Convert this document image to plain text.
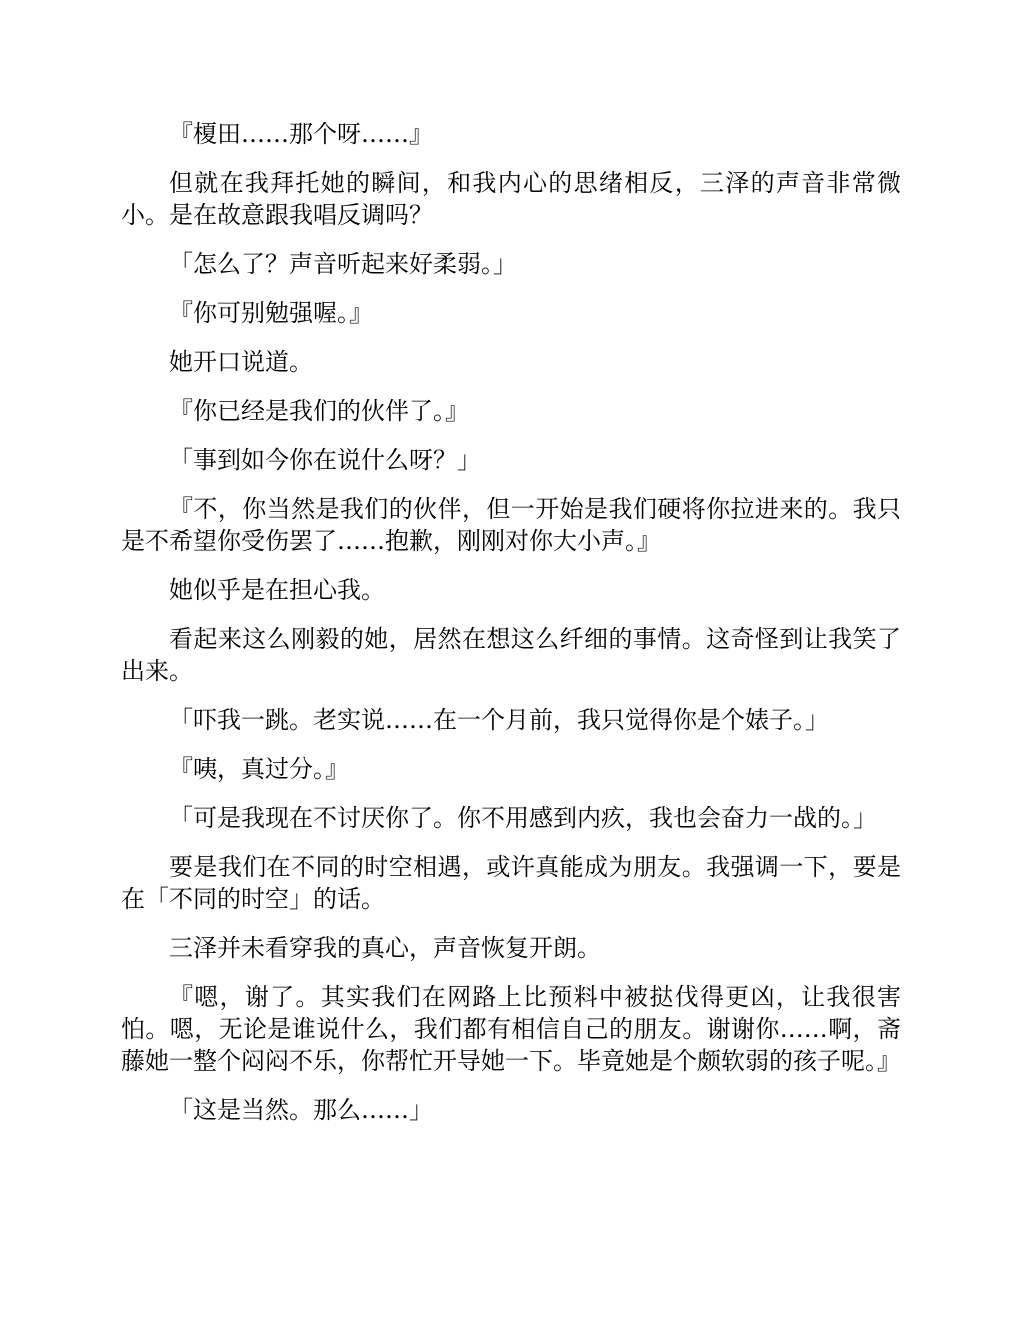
『榎田……那个呀……』

但就在我拜托她的瞬间，和我内心的思绪相反，三泽的声音非常微小。是在故意跟我唱反调吗？

「怎么了？声音听起来好柔弱。」

『你可别勉强喔。』

她开口说道。

『你已经是我们的伙伴了。』

「事到如今你在说什么呀？」

『不，你当然是我们的伙伴，但一开始是我们硬将你拉进来的。我只是不希望你受伤罢了……抱歉，刚刚对你大小声。』

她似乎是在担心我。

看起来这么刚毅的她，居然在想这么纤细的事情。这奇怪到让我笑了出来。

「吓我一跳。老实说……在一个月前，我只觉得你是个婊子。」

『咦，真过分。』

「可是我现在不讨厌你了。你不用感到内疚，我也会奋力一战的。」

要是我们在不同的时空相遇，或许真能成为朋友。我强调一下，要是在「不同的时空」的话。

三泽并未看穿我的真心，声音恢复开朗。

『嗯，谢了。其实我们在网路上比预料中被挞伐得更凶，让我很害怕。嗯，无论是谁说什么，我们都有相信自己的朋友。谢谢你……啊，斋藤她一整个闷闷不乐，你帮忙开导她一下。毕竟她是个颇软弱的孩子呢。』

「这是当然。那么……」
